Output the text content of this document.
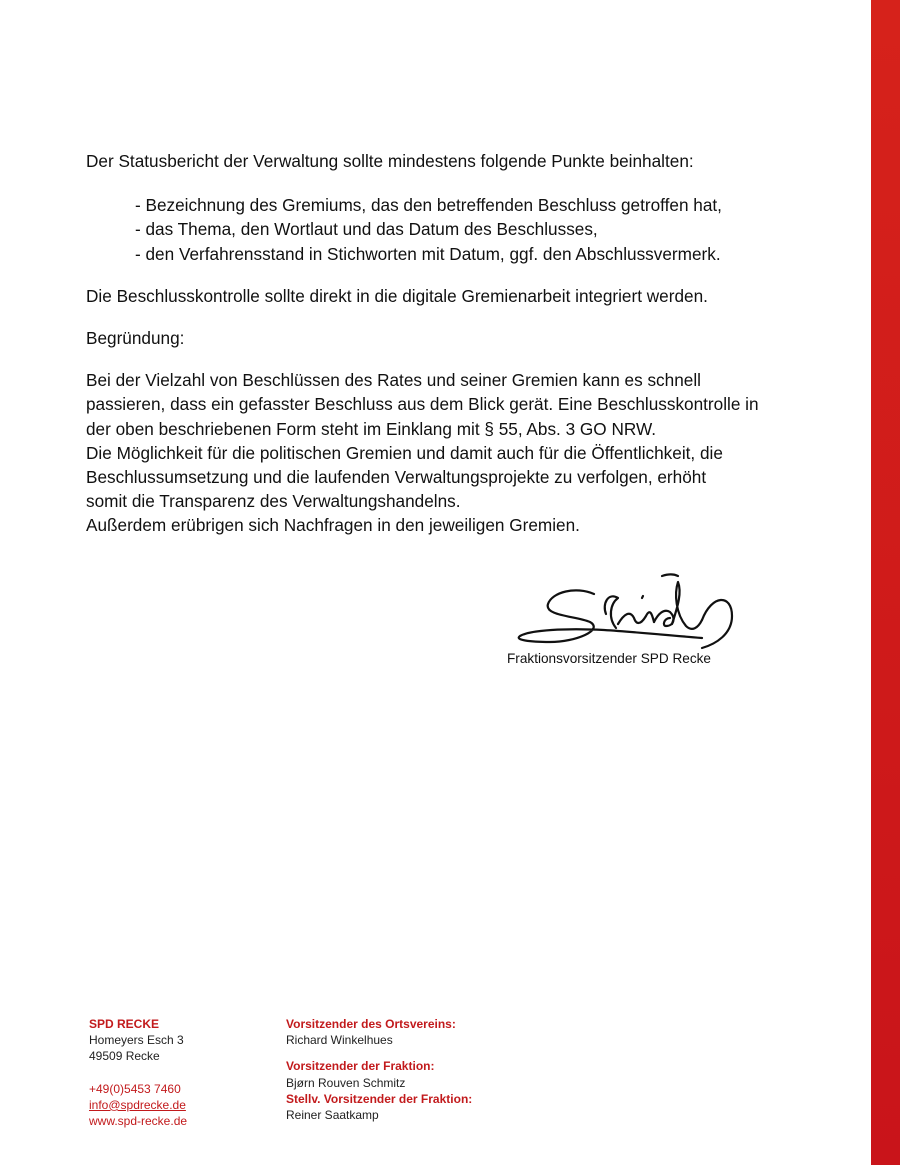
Der Statusbericht der Verwaltung sollte mindestens folgende Punkte beinhalten:

- Bezeichnung des Gremiums, das den betreffenden Beschluss getroffen hat,

- das Thema, den Wortlaut und das Datum des Beschlusses,

- den Verfahrensstand in Stichworten mit Datum, ggf. den Abschlussvermerk.

Die Beschlusskontrolle sollte direkt in die digitale Gremienarbeit integriert werden.

Begründung:

Bei der Vielzahl von Beschlüssen des Rates und seiner Gremien kann es schnell

passieren, dass ein gefasster Beschluss aus dem Blick gerät. Eine Beschlusskontrolle in

der oben beschriebenen Form steht im Einklang mit § 55, Abs. 3 GO NRW.

Die Möglichkeit für die politischen Gremien und damit auch für die Öffentlichkeit, die

Beschlussumsetzung und die laufenden Verwaltungsprojekte zu verfolgen, erhöht

somit die Transparenz des Verwaltungshandelns.

Außerdem erübrigen sich Nachfragen in den jeweiligen Gremien.

Fraktionsvorsitzender SPD Recke
SPD RECKE
Homeyers Esch 3
49509 Recke
+49(0)5453 7460
info@spdrecke.de
www.spd-recke.de
Vorsitzender des Ortsvereins:
Richard Winkelhues
Vorsitzender der Fraktion:
Bjørn Rouven Schmitz
Stellv. Vorsitzender der Fraktion:
Reiner Saatkamp
